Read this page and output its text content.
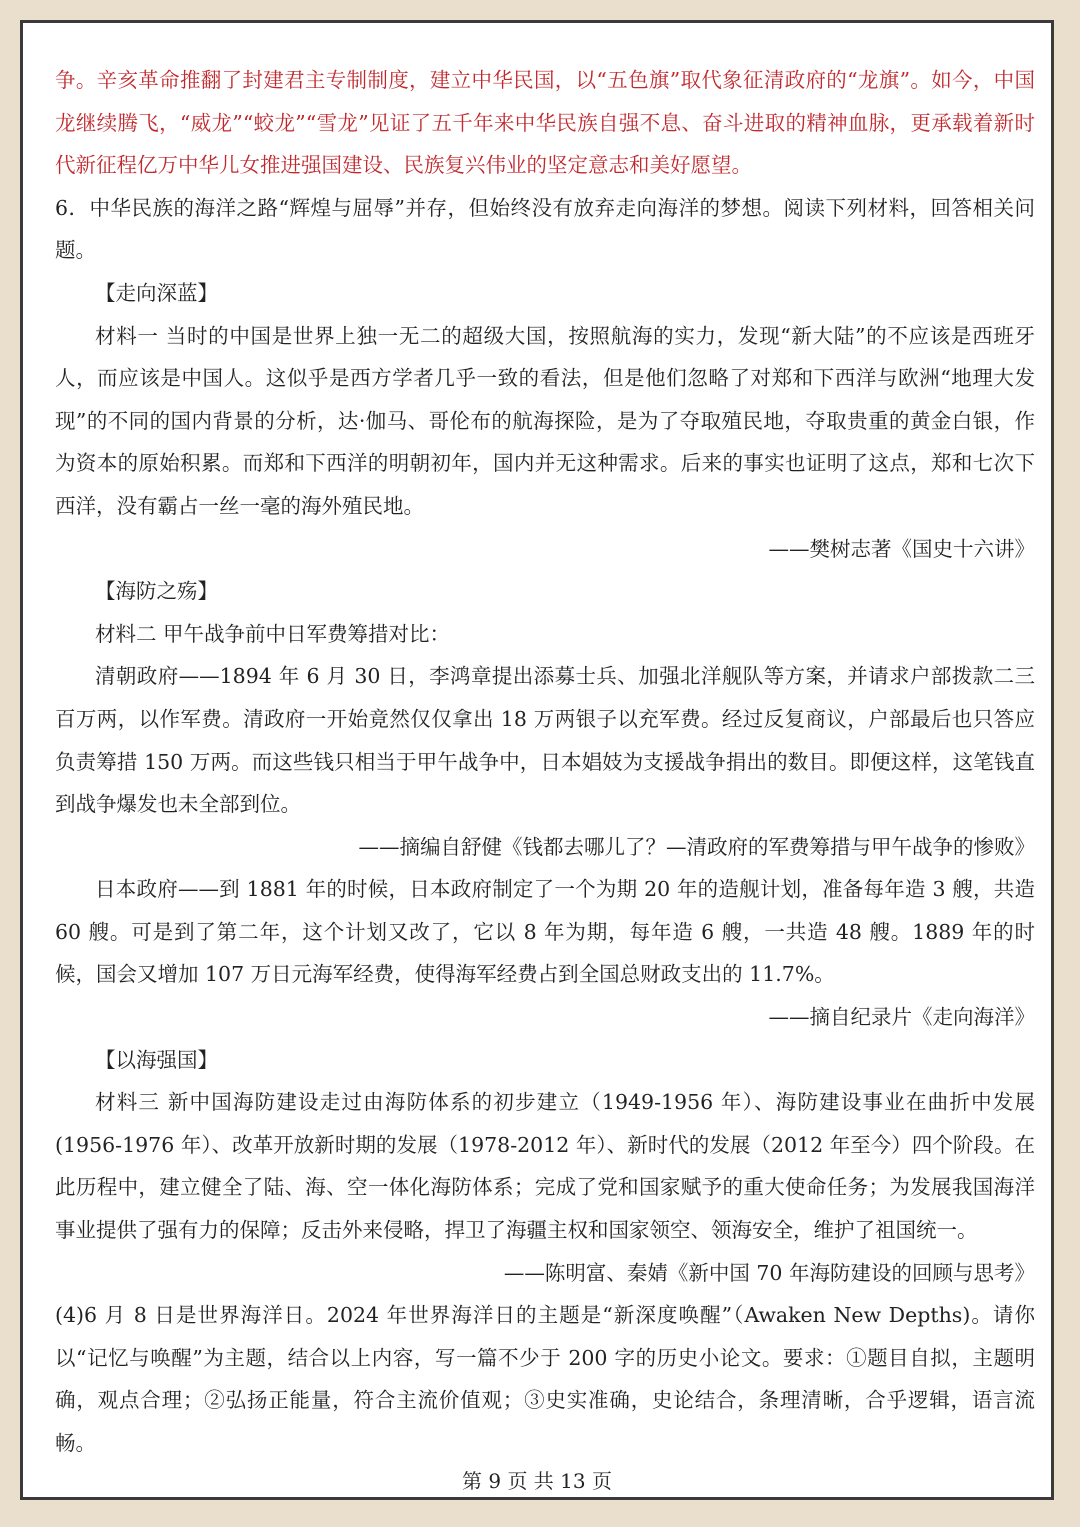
争。辛亥革命推翻了封建君主专制制度，建立中华民国，以“五色旗”取代象征清政府的“龙旗”。如今，中国龙继续腾飞，“威龙”“蛟龙”“雪龙”见证了五千年来中华民族自强不息、奋斗进取的精神血脉，更承载着新时代新征程亿万中华儿女推进强国建设、民族复兴伟业的坚定意志和美好愿望。

6．中华民族的海洋之路“辉煌与屈辱”并存，但始终没有放弃走向海洋的梦想。阅读下列材料，回答相关问题。

【走向深蓝】

材料一 当时的中国是世界上独一无二的超级大国，按照航海的实力，发现“新大陆”的不应该是西班牙人，而应该是中国人。这似乎是西方学者几乎一致的看法，但是他们忽略了对郑和下西洋与欧洲“地理大发现”的不同的国内背景的分析，达·伽马、哥伦布的航海探险，是为了夺取殖民地，夺取贵重的黄金白银，作为资本的原始积累。而郑和下西洋的明朝初年，国内并无这种需求。后来的事实也证明了这点，郑和七次下西洋，没有霸占一丝一毫的海外殖民地。

——樊树志著《国史十六讲》

【海防之殇】

材料二 甲午战争前中日军费筹措对比：

清朝政府——1894 年 6 月 30 日，李鸿章提出添募士兵、加强北洋舰队等方案，并请求户部拨款二三百万两，以作军费。清政府一开始竟然仅仅拿出 18 万两银子以充军费。经过反复商议，户部最后也只答应负责筹措 150 万两。而这些钱只相当于甲午战争中，日本娼妓为支援战争捐出的数目。即便这样，这笔钱直到战争爆发也未全部到位。

——摘编自舒健《钱都去哪儿了？—清政府的军费筹措与甲午战争的惨败》

日本政府——到 1881 年的时候，日本政府制定了一个为期 20 年的造舰计划，准备每年造 3 艘，共造 60 艘。可是到了第二年，这个计划又改了，它以 8 年为期，每年造 6 艘，一共造 48 艘。1889 年的时候，国会又增加 107 万日元海军经费，使得海军经费占到全国总财政支出的 11.7%。

——摘自纪录片《走向海洋》

【以海强国】

材料三 新中国海防建设走过由海防体系的初步建立（1949-1956 年）、海防建设事业在曲折中发展(1956-1976 年）、改革开放新时期的发展（1978-2012 年）、新时代的发展（2012 年至今）四个阶段。在此历程中，建立健全了陆、海、空一体化海防体系；完成了党和国家赋予的重大使命任务；为发展我国海洋事业提供了强有力的保障；反击外来侵略，捍卫了海疆主权和国家领空、领海安全，维护了祖国统一。

——陈明富、秦婧《新中国 70 年海防建设的回顾与思考》

(4)6 月 8 日是世界海洋日。2024 年世界海洋日的主题是“新深度唤醒”（Awaken New Depths)。请你以“记忆与唤醒”为主题，结合以上内容，写一篇不少于 200 字的历史小论文。要求：①题目自拟，主题明确，观点合理；②弘扬正能量，符合主流价值观；③史实准确，史论结合，条理清晰，合乎逻辑，语言流畅。

第 9 页 共 13 页
